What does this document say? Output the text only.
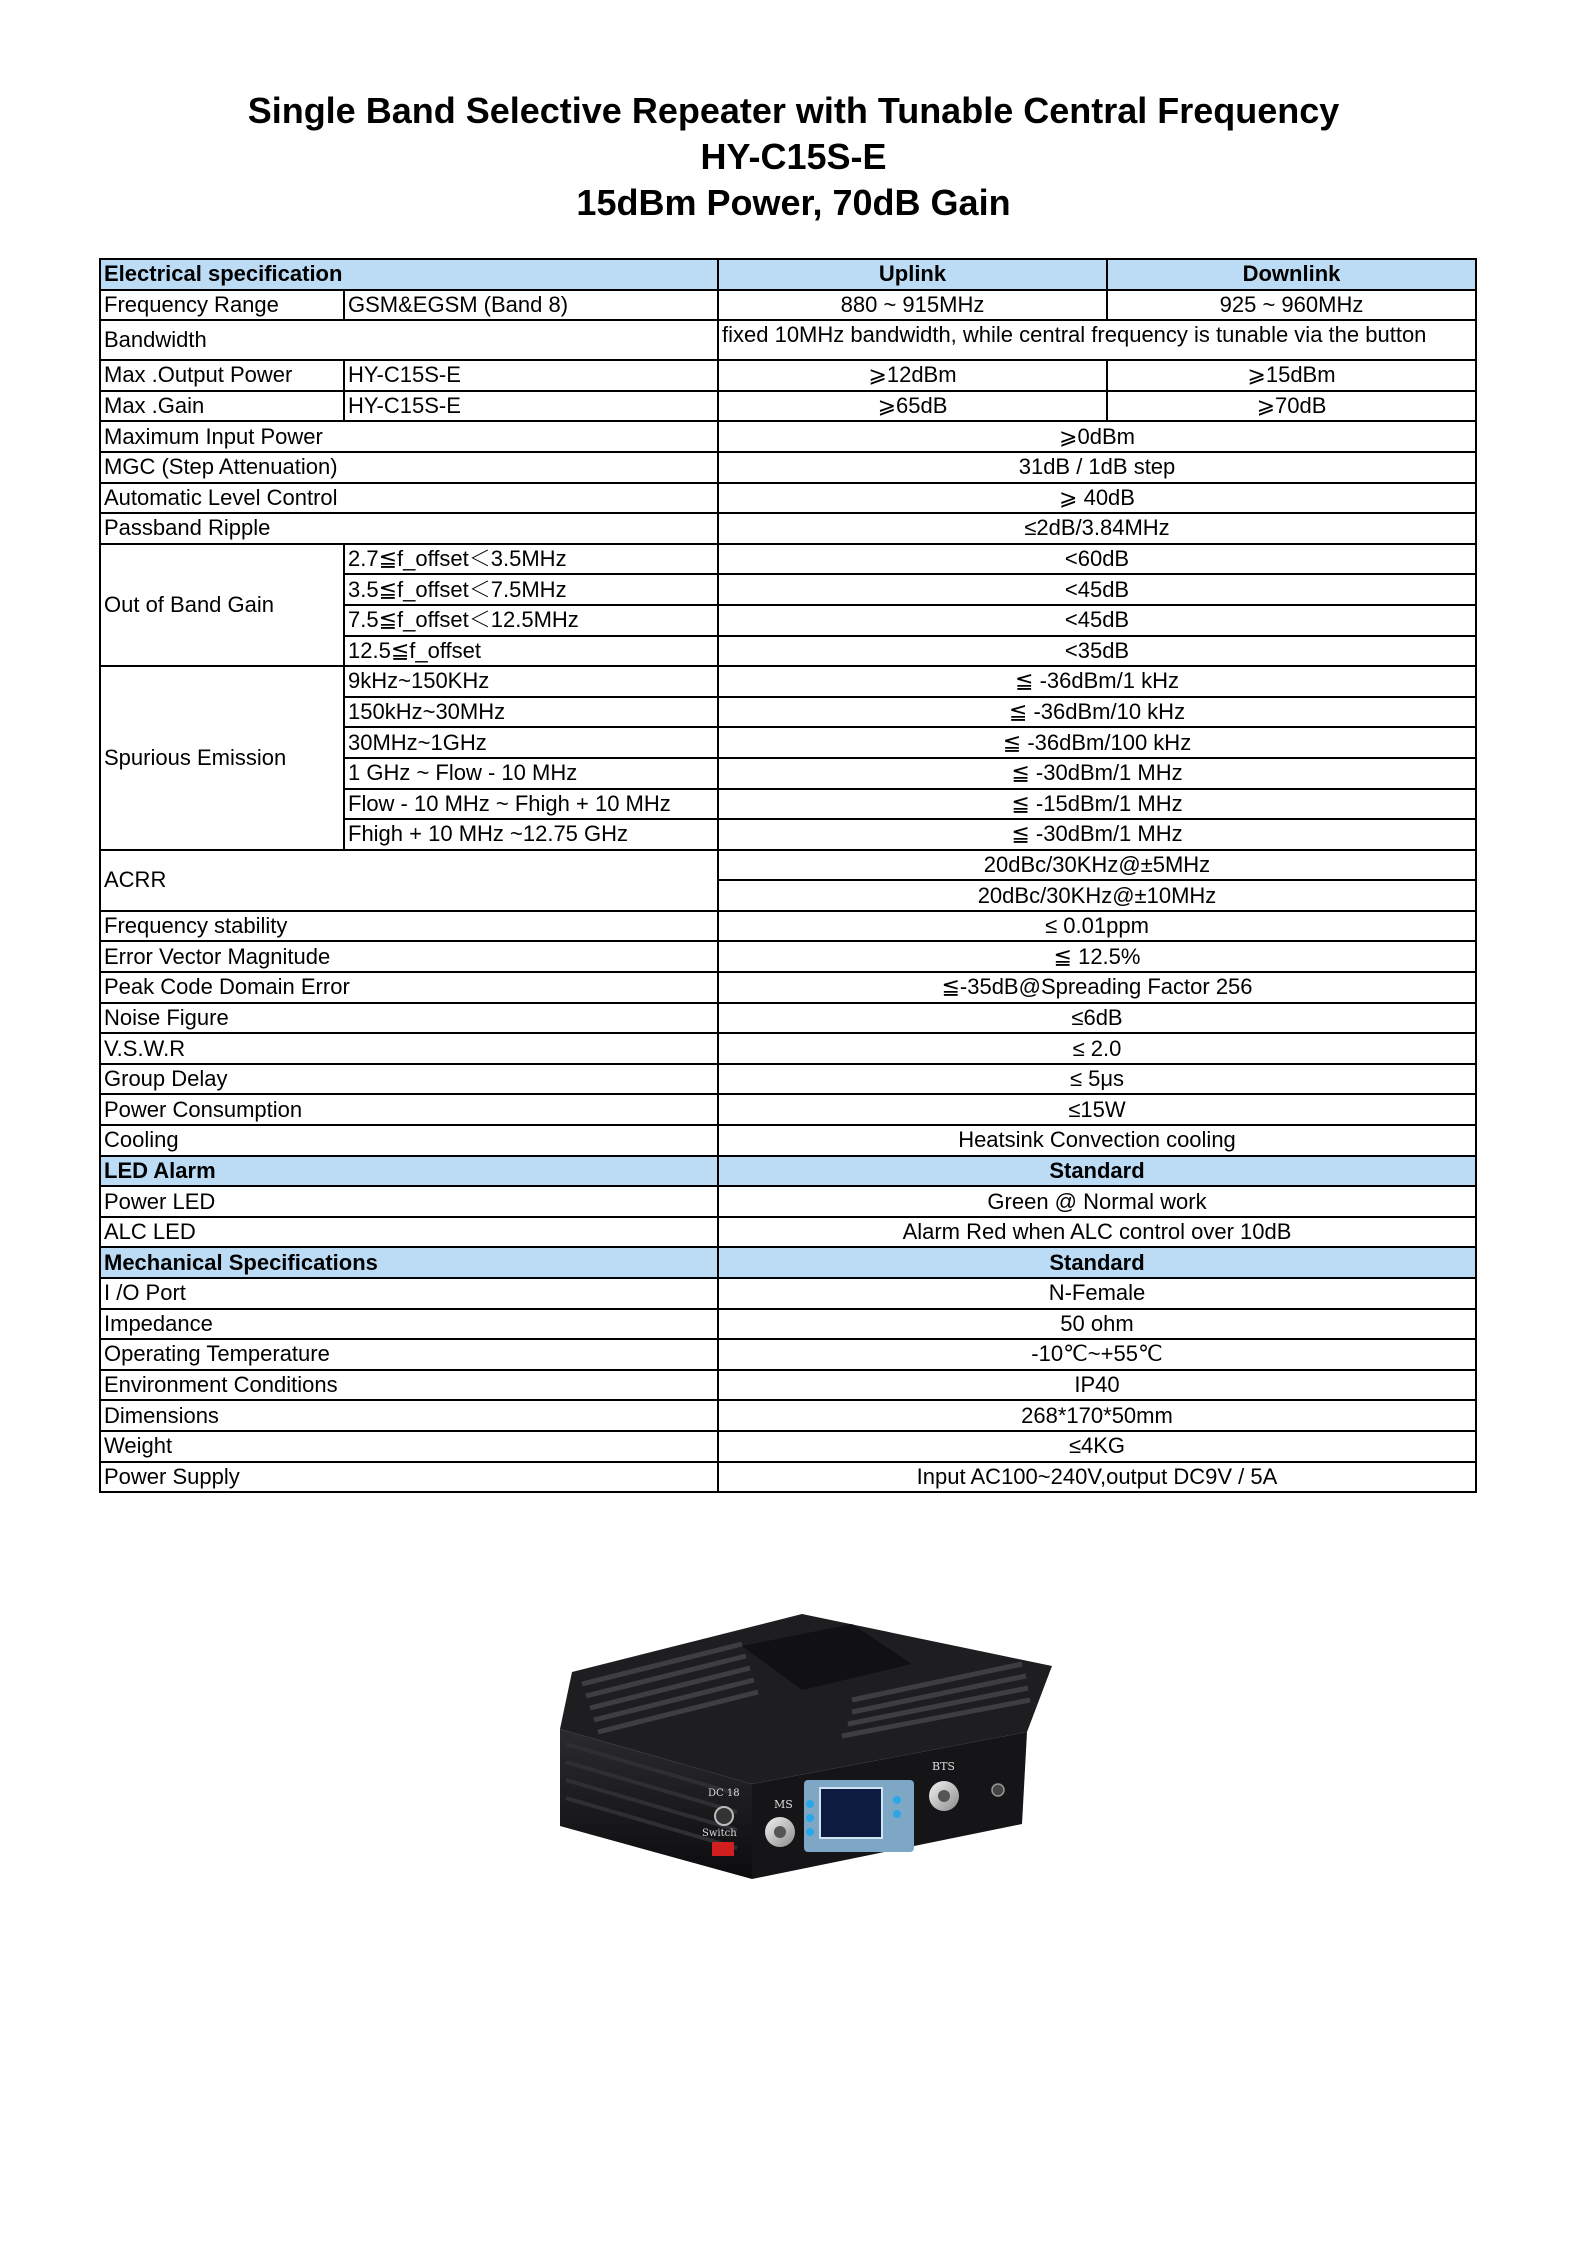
Single Band Selective Repeater with Tunable Central Frequency
HY-C15S-E
15dBm Power, 70dB Gain
Electrical specification		Uplink	Downlink
Frequency Range	GSM&EGSM (Band 8)	880 ~ 915MHz	925 ~ 960MHz
Bandwidth		fixed 10MHz bandwidth, while central frequency is tunable via the button	
Max .Output Power	HY-C15S-E	⩾12dBm	⩾15dBm
Max .Gain	HY-C15S-E	⩾65dB	⩾70dB
Maximum Input Power		⩾0dBm	
MGC (Step Attenuation)		31dB / 1dB step	
Automatic Level Control		⩾ 40dB	
Passband Ripple		≤2dB/3.84MHz	
Out of Band Gain	2.7≦f_offset＜3.5MHz	<60dB	
	3.5≦f_offset＜7.5MHz	<45dB	
	7.5≦f_offset＜12.5MHz	<45dB	
	12.5≦f_offset	<35dB	
Spurious Emission	9kHz~150KHz	≦ -36dBm/1 kHz	
	150kHz~30MHz	≦ -36dBm/10 kHz	
	30MHz~1GHz	≦ -36dBm/100 kHz	
	1 GHz ~ Flow - 10 MHz	≦ -30dBm/1 MHz	
	Flow - 10 MHz ~ Fhigh + 10 MHz	≦ -15dBm/1 MHz	
	Fhigh + 10 MHz ~12.75 GHz	≦ -30dBm/1 MHz	
ACRR		20dBc/30KHz@±5MHz	
		20dBc/30KHz@±10MHz	
Frequency stability		≤ 0.01ppm	
Error Vector Magnitude		≦ 12.5%	
Peak Code Domain Error		≦-35dB@Spreading Factor 256	
Noise Figure		≤6dB	
V.S.W.R		≤ 2.0	
Group Delay		≤ 5μs	
Power Consumption		≤15W	
Cooling		Heatsink Convection cooling	
LED Alarm		Standard	
Power LED		Green @ Normal work	
ALC LED		Alarm Red when ALC control over 10dB	
Mechanical Specifications		Standard	
I /O Port		N-Female	
Impedance		50 ohm	
Operating Temperature		-10℃~+55℃	
Environment Conditions		IP40	
Dimensions		268*170*50mm	
Weight		≤4KG	
Power Supply		Input AC100~240V,output DC9V / 5A	
MS
BTS
DC 18
Switch
